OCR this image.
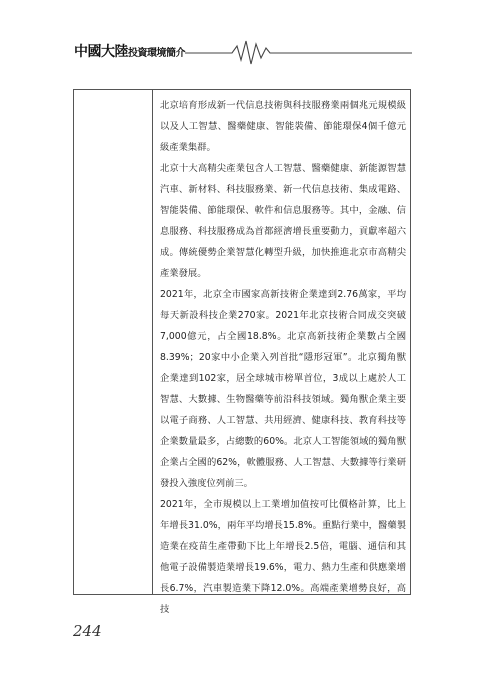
中國大陸投資環境簡介

北京培育形成新一代信息技術與科技服務業兩個兆元規模級以及人工智慧、醫藥健康、智能裝備、節能環保4個千億元級產業集群。

北京十大高精尖產業包含人工智慧、醫藥健康、新能源智慧汽車、新材料、科技服務業、新一代信息技術、集成電路、智能裝備、節能環保、軟件和信息服務等。其中，金融、信息服務、科技服務成為首都經濟增長重要動力，貢獻率超六成。傳統優勢企業智慧化轉型升級，加快推進北京市高精尖產業發展。

2021年，北京全市國家高新技術企業達到2.76萬家，平均每天新設科技企業270家。2021年北京技術合同成交突破7,000億元，占全國18.8%。北京高新技術企業數占全國8.39%；20家中小企業入列首批“隱形冠軍”。北京獨角獸企業達到102家，居全球城市榜單首位，3成以上處於人工智慧、大數據、生物醫藥等前沿科技領域。獨角獸企業主要以電子商務、人工智慧、共用經濟、健康科技、教育科技等企業數量最多，占總數的60%。北京人工智能領域的獨角獸企業占全國的62%，軟體服務、人工智慧、大數據等行業研發投入強度位列前三。

2021年，全市規模以上工業增加值按可比價格計算，比上年增長31.0%，兩年平均增長15.8%。重點行業中，醫藥製造業在疫苗生產帶動下比上年增長2.5倍，電腦、通信和其他電子設備製造業增長19.6%，電力、熱力生產和供應業增長6.7%，汽車製造業下降12.0%。高端產業增勢良好，高技

244
